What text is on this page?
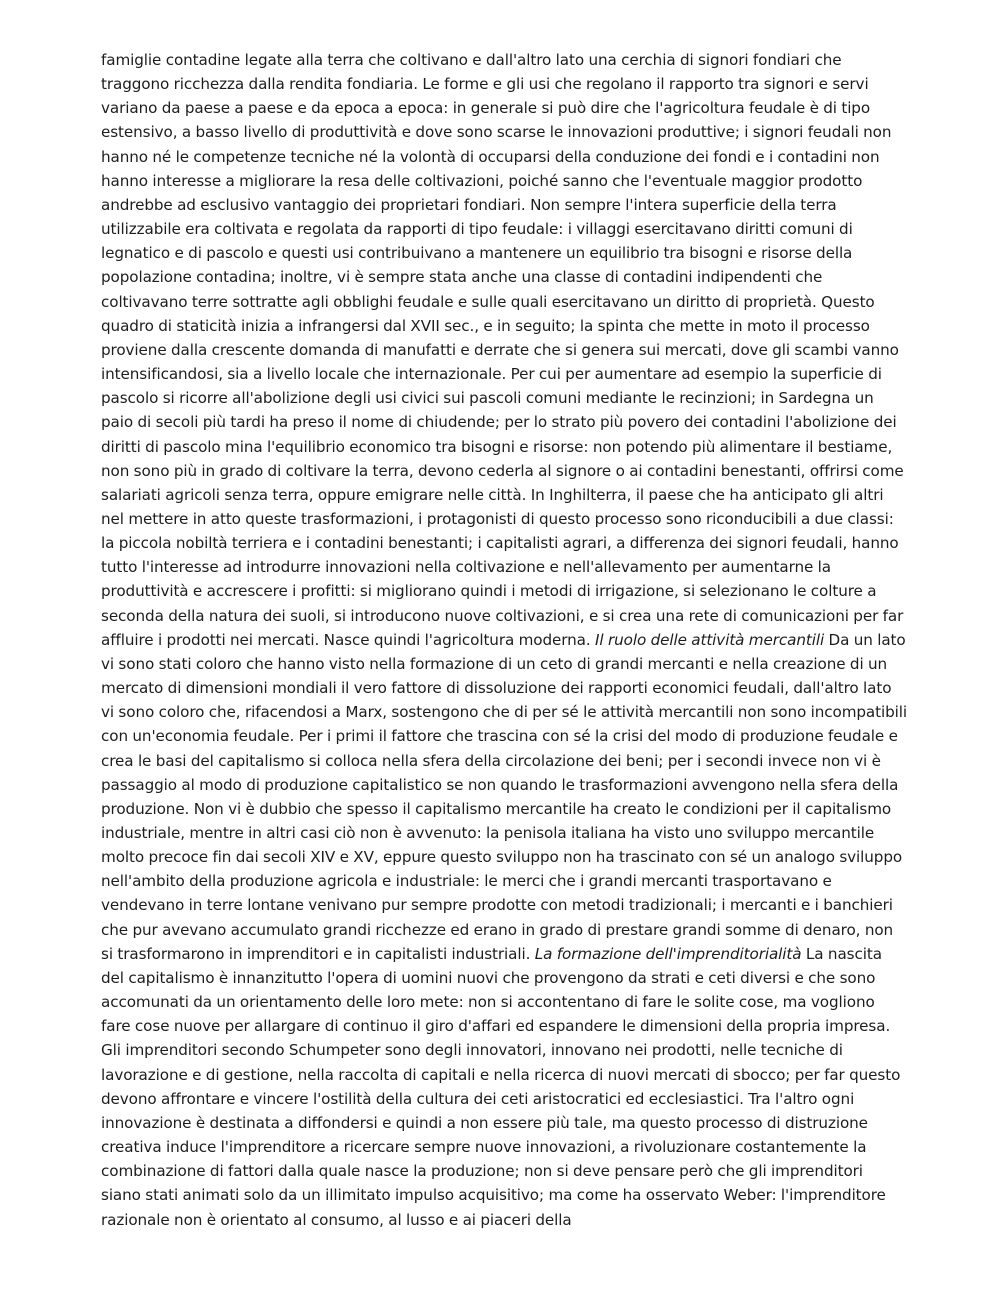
famiglie contadine legate alla terra che coltivano e dall'altro lato una cerchia di signori fondiari che traggono ricchezza dalla rendita fondiaria. Le forme e gli usi che regolano il rapporto tra signori e servi variano da paese a paese e da epoca a epoca: in generale si può dire che l'agricoltura feudale è di tipo estensivo, a basso livello di produttività e dove sono scarse le innovazioni produttive; i signori feudali non hanno né le competenze tecniche né la volontà di occuparsi della conduzione dei fondi e i contadini non hanno interesse a migliorare la resa delle coltivazioni, poiché sanno che l'eventuale maggior prodotto andrebbe ad esclusivo vantaggio dei proprietari fondiari. Non sempre l'intera superficie della terra utilizzabile era coltivata e regolata da rapporti di tipo feudale: i villaggi esercitavano diritti comuni di legnatico e di pascolo e questi usi contribuivano a mantenere un equilibrio tra bisogni e risorse della popolazione contadina; inoltre, vi è sempre stata anche una classe di contadini indipendenti che coltivavano terre sottratte agli obblighi feudale e sulle quali esercitavano un diritto di proprietà. Questo quadro di staticità inizia a infrangersi dal XVII sec., e in seguito; la spinta che mette in moto il processo proviene dalla crescente domanda di manufatti e derrate che si genera sui mercati, dove gli scambi vanno intensificandosi, sia a livello locale che internazionale. Per cui per aumentare ad esempio la superficie di pascolo si ricorre all'abolizione degli usi civici sui pascoli comuni mediante le recinzioni; in Sardegna un paio di secoli più tardi ha preso il nome di chiudende; per lo strato più povero dei contadini l'abolizione dei diritti di pascolo mina l'equilibrio economico tra bisogni e risorse: non potendo più alimentare il bestiame, non sono più in grado di coltivare la terra, devono cederla al signore o ai contadini benestanti, offrirsi come salariati agricoli senza terra, oppure emigrare nelle città. In Inghilterra, il paese che ha anticipato gli altri nel mettere in atto queste trasformazioni, i protagonisti di questo processo sono riconducibili a due classi: la piccola nobiltà terriera e i contadini benestanti; i capitalisti agrari, a differenza dei signori feudali, hanno tutto l'interesse ad introdurre innovazioni nella coltivazione e nell'allevamento per aumentarne la produttività e accrescere i profitti: si migliorano quindi i metodi di irrigazione, si selezionano le colture a seconda della natura dei suoli, si introducono nuove coltivazioni, e si crea una rete di comunicazioni per far affluire i prodotti nei mercati. Nasce quindi l'agricoltura moderna. Il ruolo delle attività mercantili Da un lato vi sono stati coloro che hanno visto nella formazione di un ceto di grandi mercanti e nella creazione di un mercato di dimensioni mondiali il vero fattore di dissoluzione dei rapporti economici feudali, dall'altro lato vi sono coloro che, rifacendosi a Marx, sostengono che di per sé le attività mercantili non sono incompatibili con un'economia feudale. Per i primi il fattore che trascina con sé la crisi del modo di produzione feudale e crea le basi del capitalismo si colloca nella sfera della circolazione dei beni; per i secondi invece non vi è passaggio al modo di produzione capitalistico se non quando le trasformazioni avvengono nella sfera della produzione. Non vi è dubbio che spesso il capitalismo mercantile ha creato le condizioni per il capitalismo industriale, mentre in altri casi ciò non è avvenuto: la penisola italiana ha visto uno sviluppo mercantile molto precoce fin dai secoli XIV e XV, eppure questo sviluppo non ha trascinato con sé un analogo sviluppo nell'ambito della produzione agricola e industriale: le merci che i grandi mercanti trasportavano e vendevano in terre lontane venivano pur sempre prodotte con metodi tradizionali; i mercanti e i banchieri che pur avevano accumulato grandi ricchezze ed erano in grado di prestare grandi somme di denaro, non si trasformarono in imprenditori e in capitalisti industriali. La formazione dell'imprenditorialità La nascita del capitalismo è innanzitutto l'opera di uomini nuovi che provengono da strati e ceti diversi e che sono accomunati da un orientamento delle loro mete: non si accontentano di fare le solite cose, ma vogliono fare cose nuove per allargare di continuo il giro d'affari ed espandere le dimensioni della propria impresa. Gli imprenditori secondo Schumpeter sono degli innovatori, innovano nei prodotti, nelle tecniche di lavorazione e di gestione, nella raccolta di capitali e nella ricerca di nuovi mercati di sbocco; per far questo devono affrontare e vincere l'ostilità della cultura dei ceti aristocratici ed ecclesiastici. Tra l'altro ogni innovazione è destinata a diffondersi e quindi a non essere più tale, ma questo processo di distruzione creativa induce l'imprenditore a ricercare sempre nuove innovazioni, a rivoluzionare costantemente la combinazione di fattori dalla quale nasce la produzione; non si deve pensare però che gli imprenditori siano stati animati solo da un illimitato impulso acquisitivo; ma come ha osservato Weber: l'imprenditore razionale non è orientato al consumo, al lusso e ai piaceri della
